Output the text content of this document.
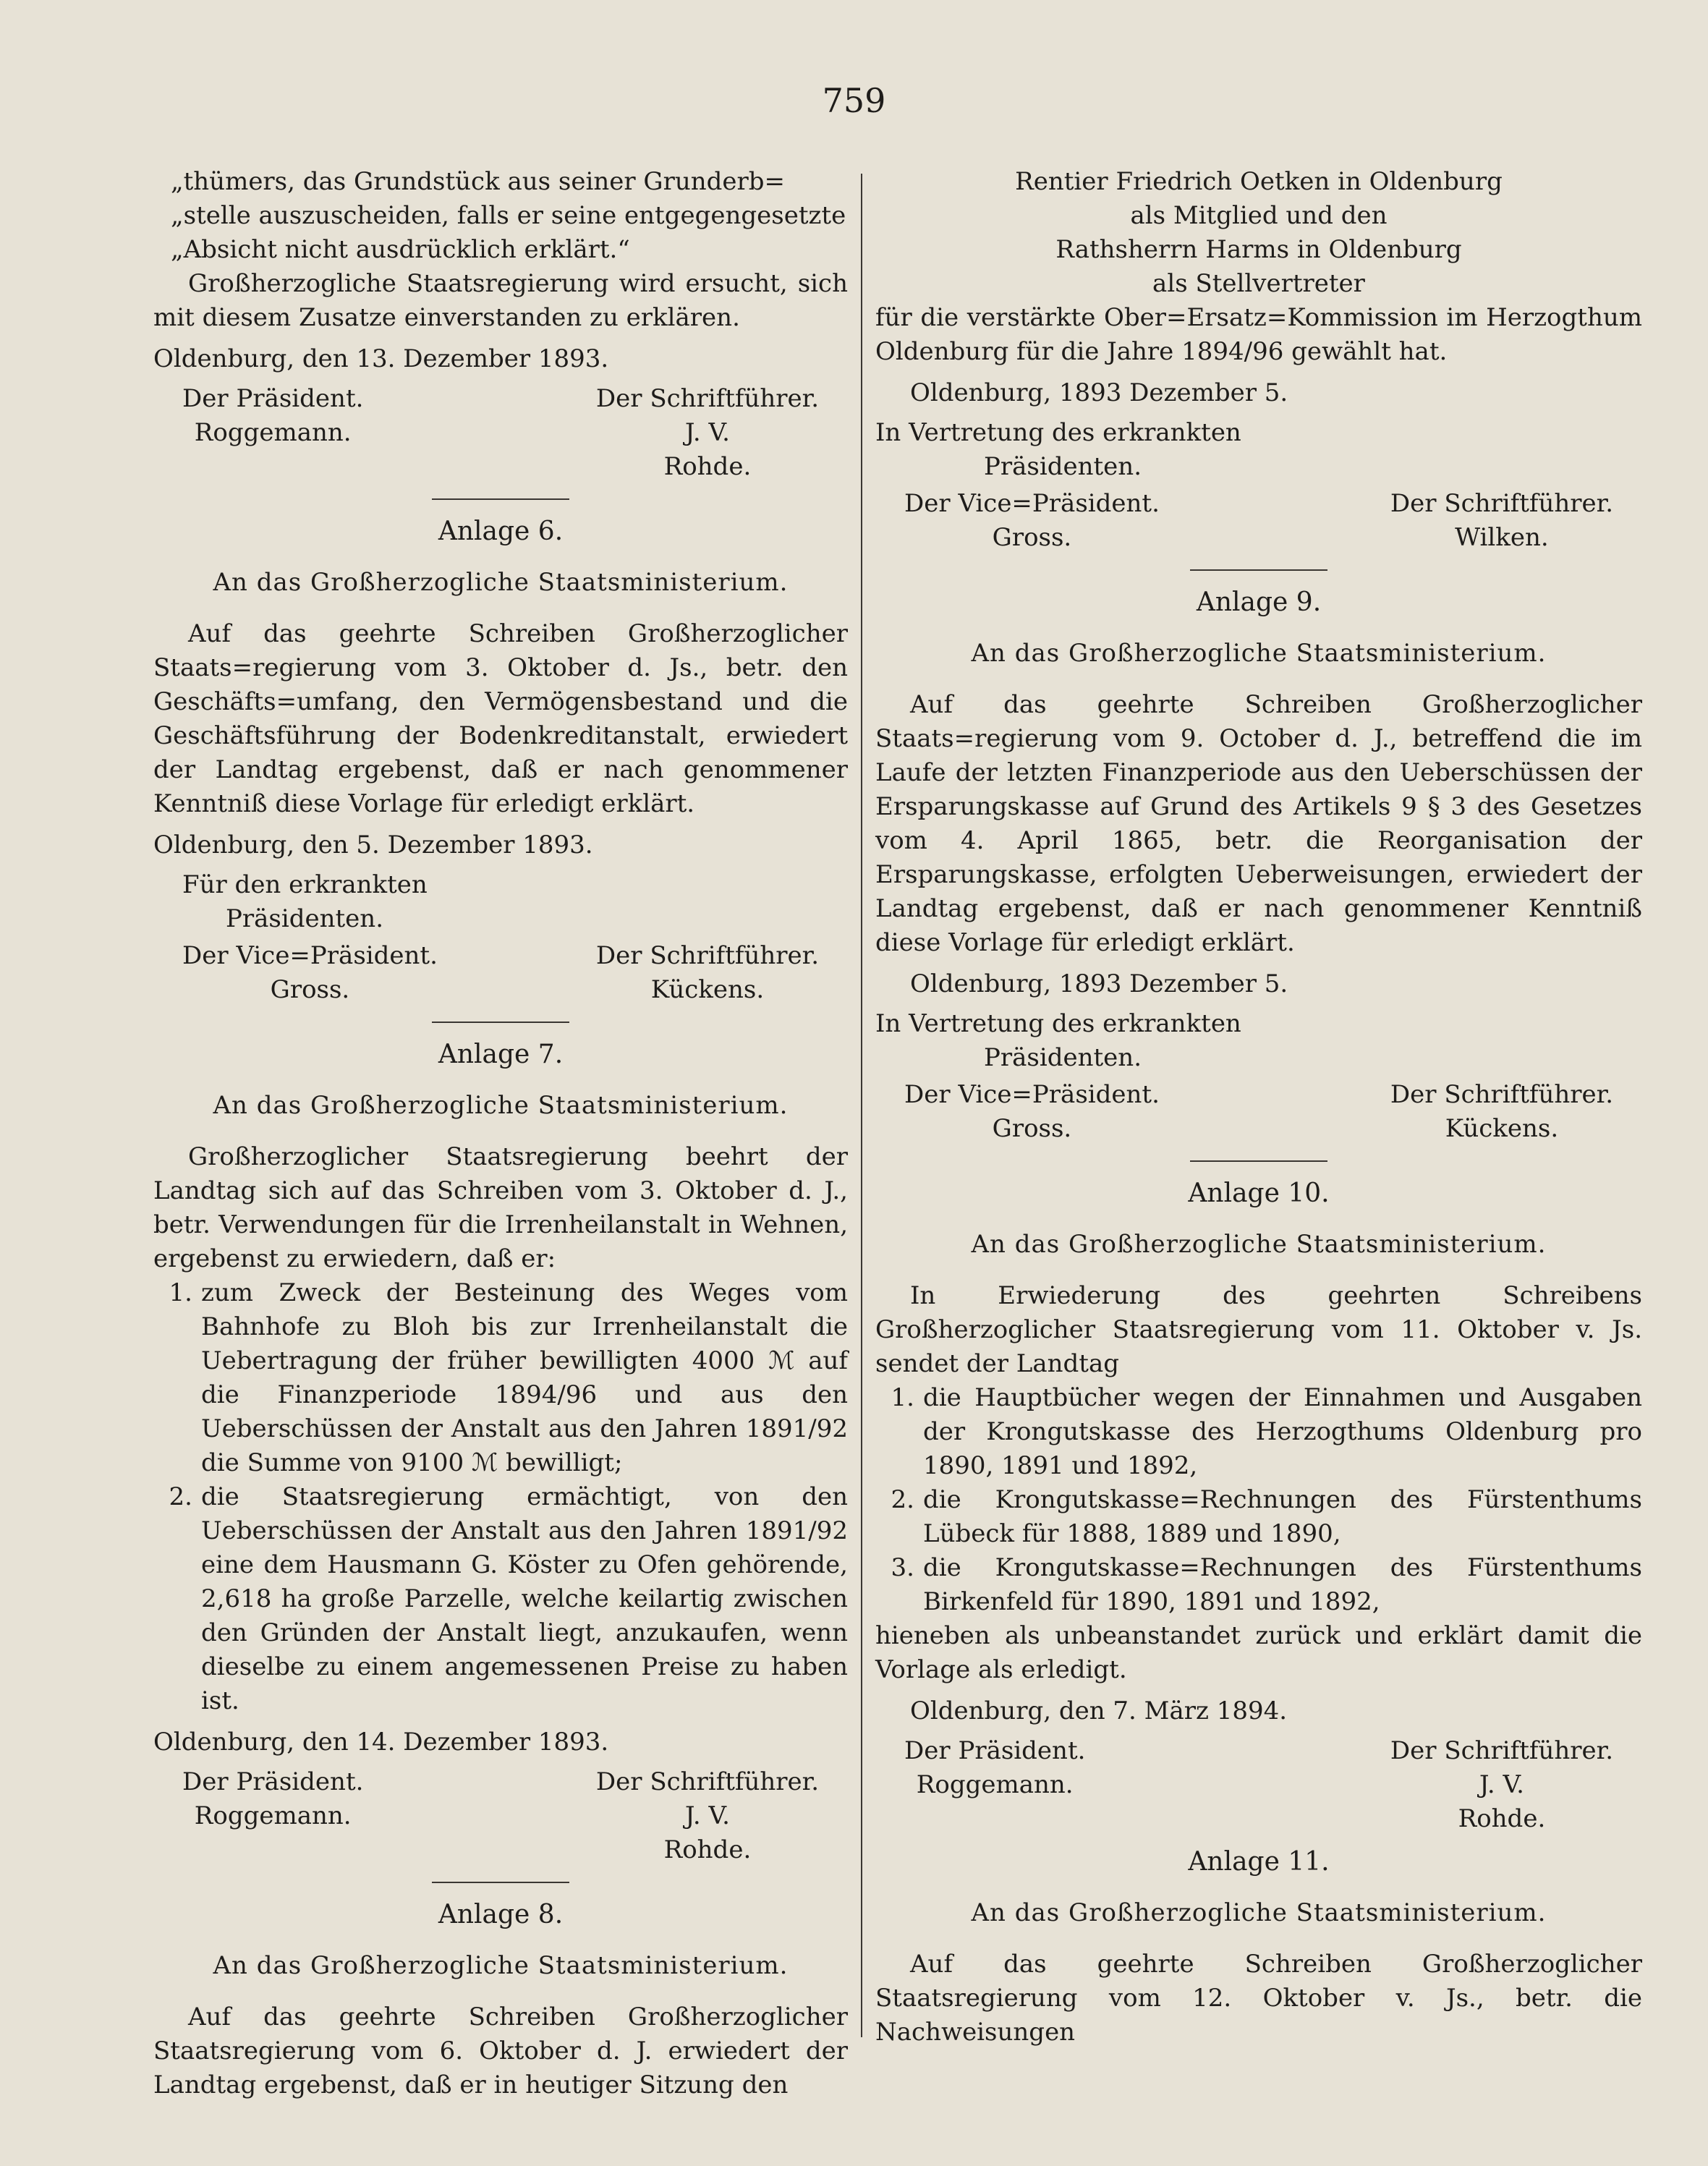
759

„thümers, das Grundstück aus seiner Grunderb=

„stelle auszuscheiden, falls er seine entgegengesetzte

„Absicht nicht ausdrücklich erklärt.“

Großherzogliche Staatsregierung wird ersucht, sich mit diesem Zusatze einverstanden zu erklären.

Oldenburg, den 13. Dezember 1893.

Der Präsident.
Roggemann.
Der Schriftführer.
J. V.
Rohde.
Anlage 6.
An das Großherzogliche Staatsministerium.

Auf das geehrte Schreiben Großherzoglicher Staats=regierung vom 3. Oktober d. Js., betr. den Geschäfts=umfang, den Vermögensbestand und die Geschäftsführung der Bodenkreditanstalt, erwiedert der Landtag ergebenst, daß er nach genommener Kenntniß diese Vorlage für erledigt erklärt.

Oldenburg, den 5. Dezember 1893.

Für den erkrankten
Präsidenten.
Der Vice=Präsident.
Gross.
Der Schriftführer.
Kückens.
Anlage 7.
An das Großherzogliche Staatsministerium.

Großherzoglicher Staatsregierung beehrt der Landtag sich auf das Schreiben vom 3. Oktober d. J., betr. Verwendungen für die Irrenheilanstalt in Wehnen, ergebenst zu erwiedern, daß er:

1. zum Zweck der Besteinung des Weges vom Bahnhofe zu Bloh bis zur Irrenheilanstalt die Uebertragung der früher bewilligten 4000 ℳ auf die Finanzperiode 1894/96 und aus den Ueberschüssen der Anstalt aus den Jahren 1891/92 die Summe von 9100 ℳ bewilligt;
2. die Staatsregierung ermächtigt, von den Ueberschüssen der Anstalt aus den Jahren 1891/92 eine dem Hausmann G. Köster zu Ofen gehörende, 2,618 ha große Parzelle, welche keilartig zwischen den Gründen der Anstalt liegt, anzukaufen, wenn dieselbe zu einem angemessenen Preise zu haben ist.

Oldenburg, den 14. Dezember 1893.

Der Präsident.
Roggemann.
Der Schriftführer.
J. V.
Rohde.
Anlage 8.
An das Großherzogliche Staatsministerium.

Auf das geehrte Schreiben Großherzoglicher Staatsregierung vom 6. Oktober d. J. erwiedert der Landtag ergebenst, daß er in heutiger Sitzung den

Rentier Friedrich Oetken in Oldenburg
als Mitglied und den
Rathsherrn Harms in Oldenburg
als Stellvertreter

für die verstärkte Ober=Ersatz=Kommission im Herzogthum Oldenburg für die Jahre 1894/96 gewählt hat.

Oldenburg, 1893 Dezember 5.

In Vertretung des erkrankten
Präsidenten.
Der Vice=Präsident.
Gross.
Der Schriftführer.
Wilken.
Anlage 9.
An das Großherzogliche Staatsministerium.

Auf das geehrte Schreiben Großherzoglicher Staats=regierung vom 9. October d. J., betreffend die im Laufe der letzten Finanzperiode aus den Ueberschüssen der Ersparungskasse auf Grund des Artikels 9 § 3 des Gesetzes vom 4. April 1865, betr. die Reorganisation der Ersparungskasse, erfolgten Ueberweisungen, erwiedert der Landtag ergebenst, daß er nach genommener Kenntniß diese Vorlage für erledigt erklärt.

Oldenburg, 1893 Dezember 5.

In Vertretung des erkrankten
Präsidenten.
Der Vice=Präsident.
Gross.
Der Schriftführer.
Kückens.
Anlage 10.
An das Großherzogliche Staatsministerium.

In Erwiederung des geehrten Schreibens Großherzoglicher Staatsregierung vom 11. Oktober v. Js. sendet der Landtag

1. die Hauptbücher wegen der Einnahmen und Ausgaben der Krongutskasse des Herzogthums Oldenburg pro 1890, 1891 und 1892,
2. die Krongutskasse=Rechnungen des Fürstenthums Lübeck für 1888, 1889 und 1890,
3. die Krongutskasse=Rechnungen des Fürstenthums Birkenfeld für 1890, 1891 und 1892,

hieneben als unbeanstandet zurück und erklärt damit die Vorlage als erledigt.

Oldenburg, den 7. März 1894.

Der Präsident.
Roggemann.
Der Schriftführer.
J. V.
Rohde.
Anlage 11.
An das Großherzogliche Staatsministerium.

Auf das geehrte Schreiben Großherzoglicher Staatsregierung vom 12. Oktober v. Js., betr. die Nachweisungen
